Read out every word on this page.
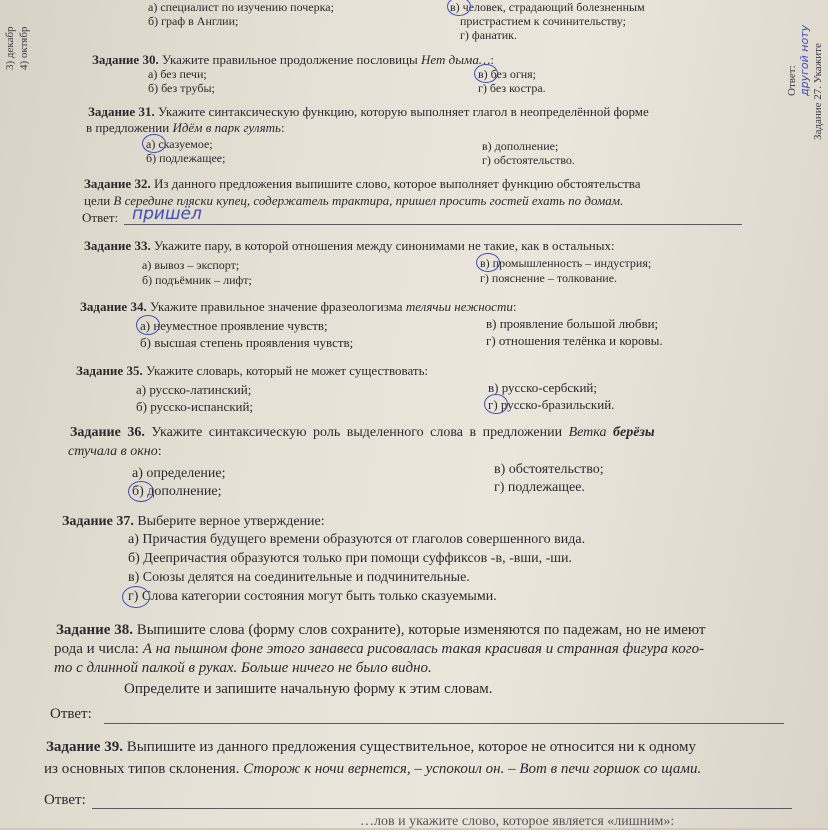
3) декабр 4) октябр
Ответ: другой ноту Задание 27. Укажите
а) специалист по изучению почерка;
б) граф в Англии;
в) человек, страдающий болезненным
пристрастием к сочинительству;
г) фанатик.
Задание 30. Укажите правильное продолжение пословицы Нет дыма…:
а) без печи;
б) без трубы;
в) без огня;
г) без костра.
Задание 31. Укажите синтаксическую функцию, которую выполняет глагол в неопределённой форме
в предложении Идём в парк гулять:
а) сказуемое;
б) подлежащее;
в) дополнение;
г) обстоятельство.
Задание 32. Из данного предложения выпишите слово, которое выполняет функцию обстоятельства
цели В середине пляски купец, содержатель трактира, пришел просить гостей ехать по домам.
Ответ: пришёл
Задание 33. Укажите пару, в которой отношения между синонимами не такие, как в остальных:
а) вывоз – экспорт;
б) подъёмник – лифт;
в) промышленность – индустрия;
г) пояснение – толкование.
Задание 34. Укажите правильное значение фразеологизма телячьи нежности:
а) неуместное проявление чувств;
б) высшая степень проявления чувств;
в) проявление большой любви;
г) отношения телёнка и коровы.
Задание 35. Укажите словарь, который не может существовать:
а) русско-латинский;
б) русско-испанский;
в) русско-сербский;
г) русско-бразильский.
Задание 36. Укажите синтаксическую роль выделенного слова в предложении Ветка берёзы
стучала в окно:
а) определение;
б) дополнение;
в) обстоятельство;
г) подлежащее.
Задание 37. Выберите верное утверждение:
а) Причастия будущего времени образуются от глаголов совершенного вида.
б) Деепричастия образуются только при помощи суффиксов -в, -вши, -ши.
в) Союзы делятся на соединительные и подчинительные.
г) Слова категории состояния могут быть только сказуемыми.
Задание 38. Выпишите слова (форму слов сохраните), которые изменяются по падежам, но не имеют
рода и числа: А на пышном фоне этого занавеса рисовалась такая красивая и странная фигура кого-
то с длинной палкой в руках. Больше ничего не было видно.
Определите и запишите начальную форму к этим словам.
Ответ:
Задание 39. Выпишите из данного предложения существительное, которое не относится ни к одному
из основных типов склонения. Сторож к ночи вернется, – успокоил он. – Вот в печи горшок со щами.
Ответ:
…лов и укажите слово, которое является «лишним»:
